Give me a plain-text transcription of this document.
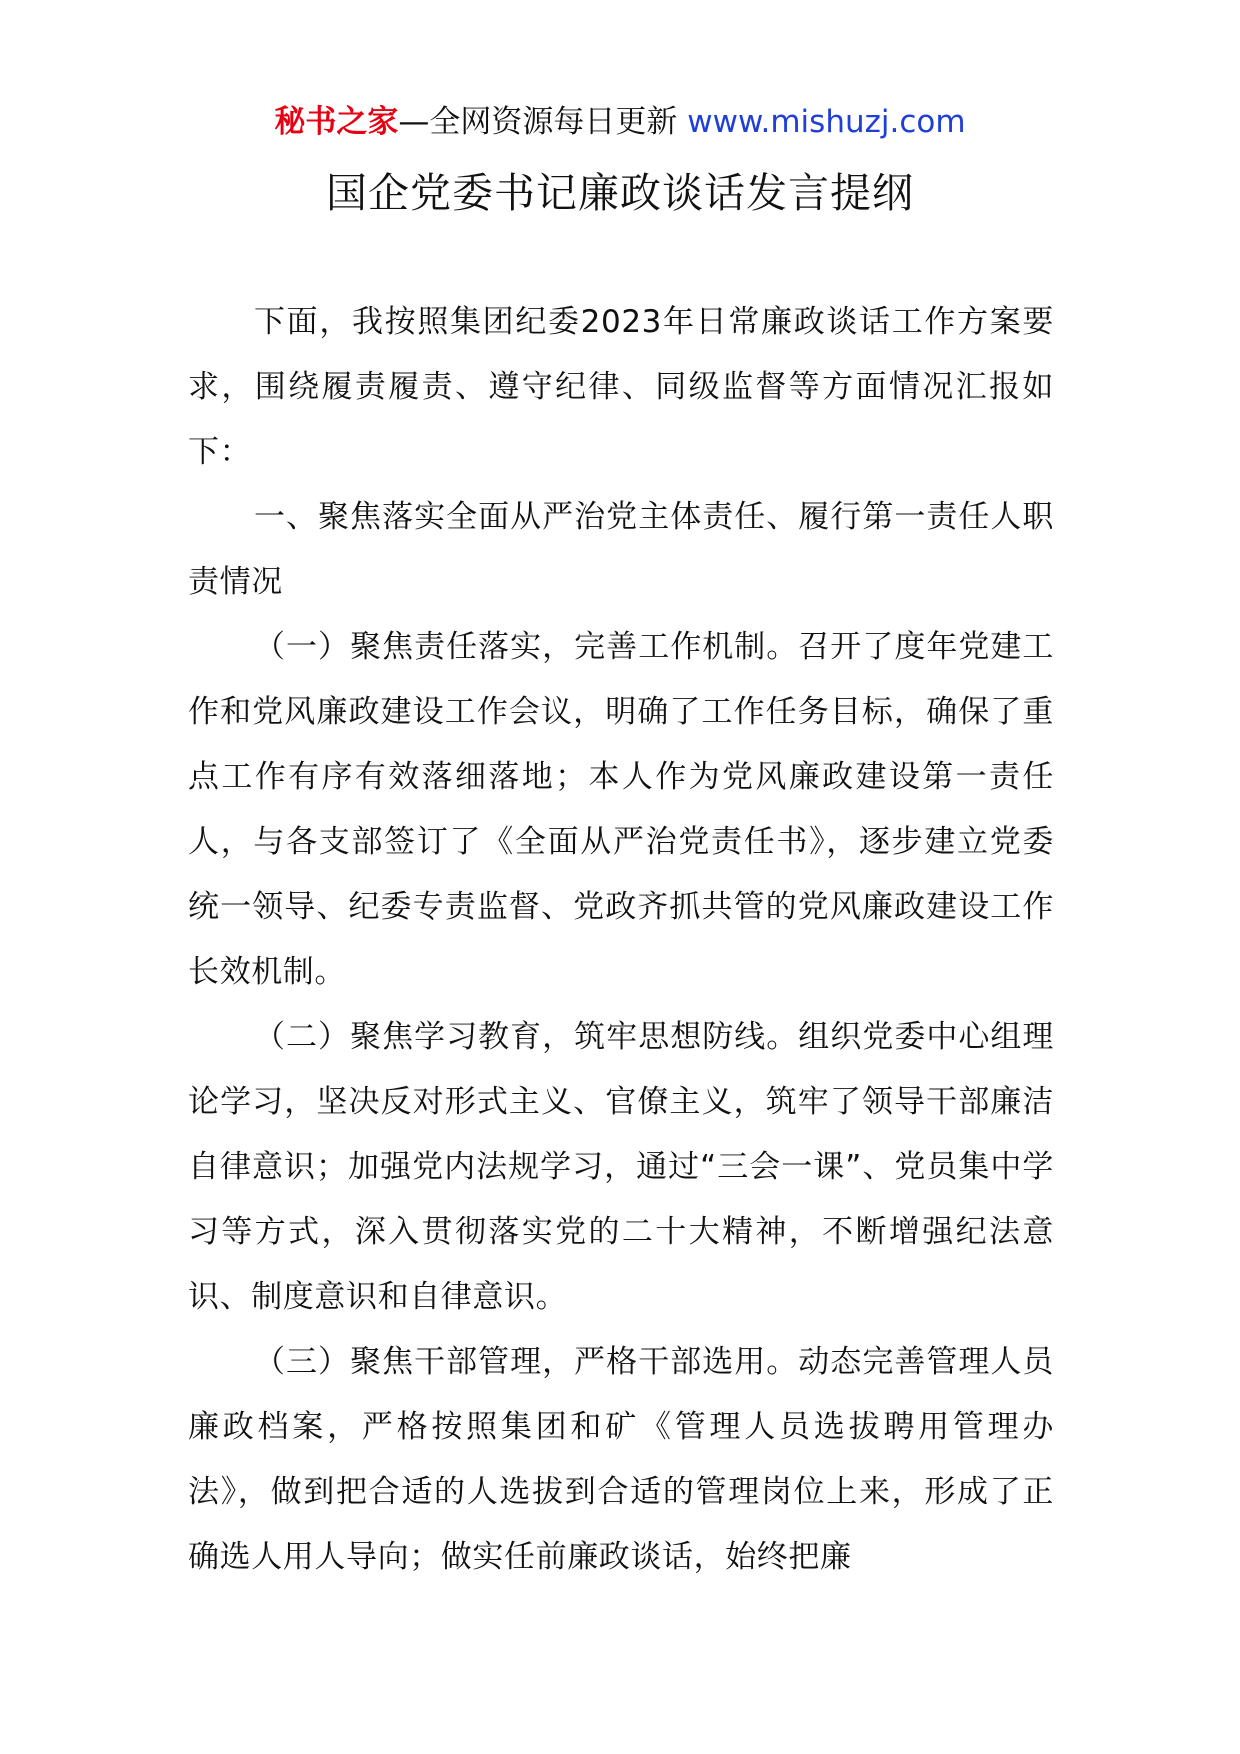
秘书之家—全网资源每日更新 www.mishuzj.com
国企党委书记廉政谈话发言提纲

下面，我按照集团纪委2023年日常廉政谈话工作方案要求，围绕履责履责、遵守纪律、同级监督等方面情况汇报如下：

一、聚焦落实全面从严治党主体责任、履行第一责任人职责情况

（一）聚焦责任落实，完善工作机制。召开了度年党建工作和党风廉政建设工作会议，明确了工作任务目标，确保了重点工作有序有效落细落地；本人作为党风廉政建设第一责任人，与各支部签订了《全面从严治党责任书》，逐步建立党委统一领导、纪委专责监督、党政齐抓共管的党风廉政建设工作长效机制。

（二）聚焦学习教育，筑牢思想防线。组织党委中心组理论学习，坚决反对形式主义、官僚主义，筑牢了领导干部廉洁自律意识；加强党内法规学习，通过“三会一课”、党员集中学习等方式，深入贯彻落实党的二十大精神，不断增强纪法意识、制度意识和自律意识。

（三）聚焦干部管理，严格干部选用。动态完善管理人员廉政档案，严格按照集团和矿《管理人员选拔聘用管理办法》，做到把合适的人选拔到合适的管理岗位上来，形成了正确选人用人导向；做实任前廉政谈话，始终把廉
